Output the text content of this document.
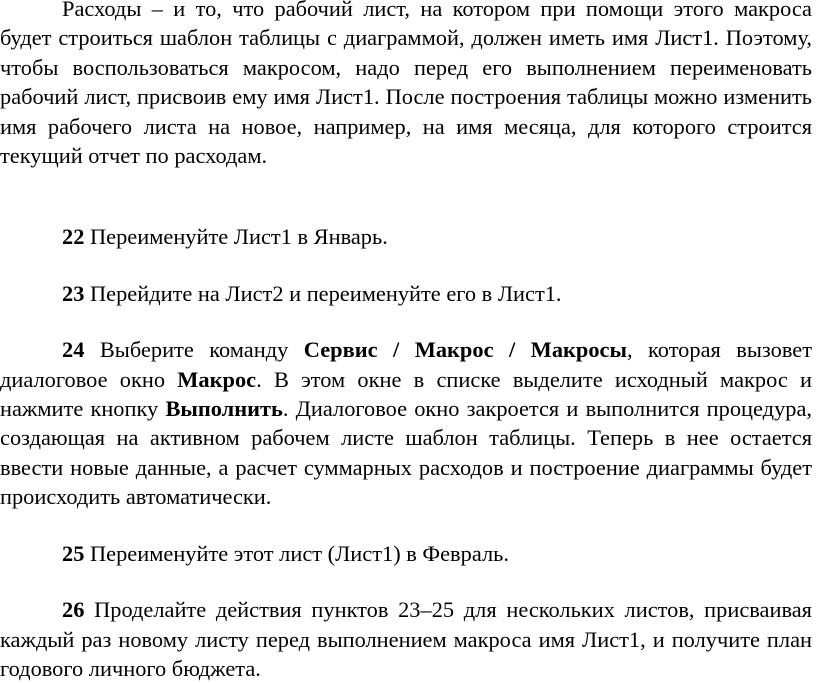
Расходы – и то, что рабочий лист, на котором при помощи этого макроса будет строиться шаблон таблицы с диаграммой, должен иметь имя Лист1. Поэтому, чтобы воспользоваться макросом, надо перед его выполнением переименовать рабочий лист, присвоив ему имя Лист1. После построения таблицы можно изменить имя рабочего листа на новое, например, на имя месяца, для которого строится текущий отчет по расходам.

22 Переименуйте Лист1 в Январь.

23 Перейдите на Лист2 и переименуйте его в Лист1.

24 Выберите команду Сервис / Макрос / Макросы, которая вызовет диалоговое окно Макрос. В этом окне в списке выделите исходный макрос и нажмите кнопку Выполнить. Диалоговое окно закроется и выполнится процедура, создающая на активном рабочем листе шаблон таблицы. Теперь в нее остается ввести новые данные, а расчет суммарных расходов и построение диаграммы будет происходить автоматически.

25 Переименуйте этот лист (Лист1) в Февраль.

26 Проделайте действия пунктов 23–25 для нескольких листов, присваивая каждый раз новому листу перед выполнением макроса имя Лист1, и получите план годового личного бюджета.
